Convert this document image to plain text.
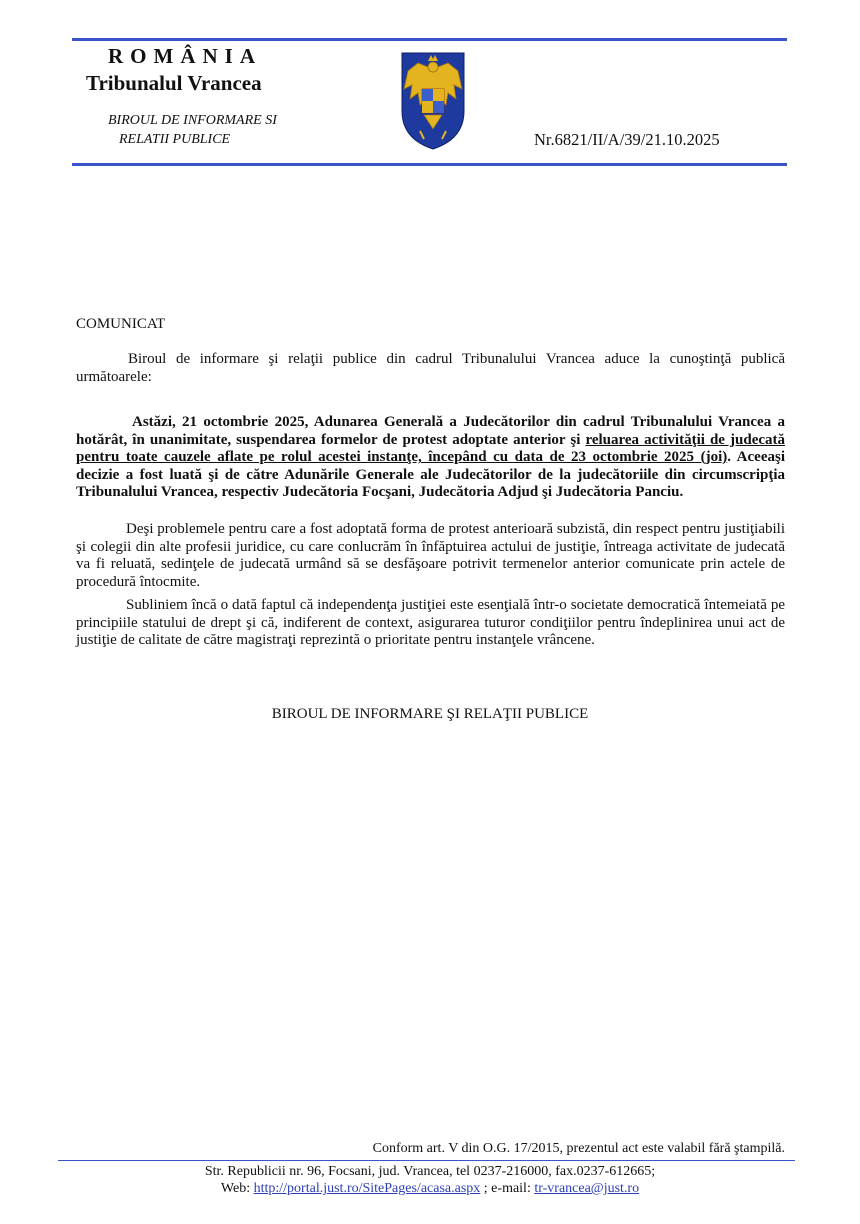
ROMÂNIA
Tribunalul Vrancea
BIROUL DE INFORMARE SI
RELATII PUBLICE	Nr.6821/II/A/39/21.10.2025
COMUNICAT
Biroul de informare şi relaţii publice din cadrul Tribunalului Vrancea aduce la cunoştinţă publică următoarele:
Astăzi, 21 octombrie 2025, Adunarea Generală a Judecătorilor din cadrul Tribunalului Vrancea a hotărât, în unanimitate, suspendarea formelor de protest adoptate anterior şi reluarea activităţii de judecată pentru toate cauzele aflate pe rolul acestei instanţe, începând cu data de 23 octombrie 2025 (joi). Aceeaşi decizie a fost luată şi de către Adunările Generale ale Judecătorilor de la judecătoriile din circumscripţia Tribunalului Vrancea, respectiv Judecătoria Focşani, Judecătoria Adjud şi Judecătoria Panciu.
Deşi problemele pentru care a fost adoptată forma de protest anterioară subzistă, din respect pentru justiţiabili şi colegii din alte profesii juridice, cu care conlucrăm în înfăptuirea actului de justiţie, întreaga activitate de judecată va fi reluată, sedinţele de judecată urmând să se desfăşoare potrivit termenelor anterior comunicate prin actele de procedură întocmite.
Subliniem încă o dată faptul că independenţa justiţiei este esenţială într-o societate democratică întemeiată pe principiile statului de drept şi că, indiferent de context, asigurarea tuturor condiţiilor pentru îndeplinirea unui act de justiţie de calitate de către magistraţi reprezintă o prioritate pentru instanţele vrâncene.
BIROUL DE INFORMARE ŞI RELAŢII PUBLICE
Conform art. V din O.G. 17/2015, prezentul act este valabil fără ştampilă.
Str. Republicii nr. 96, Focsani, jud. Vrancea, tel 0237-216000, fax.0237-612665;
Web: http://portal.just.ro/SitePages/acasa.aspx ; e-mail: tr-vrancea@just.ro
